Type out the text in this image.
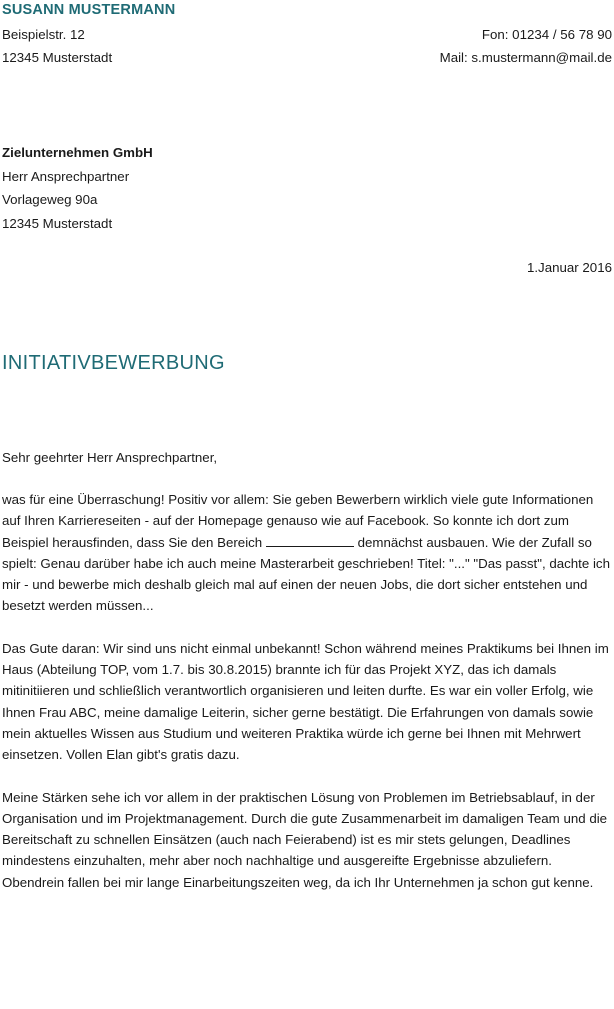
SUSANN MUSTERMANN
Beispielstr. 12	Fon: 01234 / 56 78 90
12345 Musterstadt	Mail: s.mustermann@mail.de
Zielunternehmen GmbH
Herr Ansprechpartner
Vorlageweg 90a
12345 Musterstadt
1.Januar 2016
INITIATIVBEWERBUNG
Sehr geehrter Herr Ansprechpartner,
was für eine Überraschung! Positiv vor allem: Sie geben Bewerbern wirklich viele gute Informationen auf Ihren Karriereseiten - auf der Homepage genauso wie auf Facebook. So konnte ich dort zum Beispiel herausfinden, dass Sie den Bereich	demnächst ausbauen. Wie der Zufall so spielt: Genau darüber habe ich auch meine Masterarbeit geschrieben! Titel: "..." "Das passt", dachte ich mir - und bewerbe mich deshalb gleich mal auf einen der neuen Jobs, die dort sicher entstehen und besetzt werden müssen...
Das Gute daran: Wir sind uns nicht einmal unbekannt! Schon während meines Praktikums bei Ihnen im Haus (Abteilung TOP, vom 1.7. bis 30.8.2015) brannte ich für das Projekt XYZ, das ich damals mitinitiieren und schließlich verantwortlich organisieren und leiten durfte. Es war ein voller Erfolg, wie Ihnen Frau ABC, meine damalige Leiterin, sicher gerne bestätigt. Die Erfahrungen von damals sowie mein aktuelles Wissen aus Studium und weiteren Praktika würde ich gerne bei Ihnen mit Mehrwert einsetzen. Vollen Elan gibt's gratis dazu.
Meine Stärken sehe ich vor allem in der praktischen Lösung von Problemen im Betriebsablauf, in der Organisation und im Projektmanagement. Durch die gute Zusammenarbeit im damaligen Team und die Bereitschaft zu schnellen Einsätzen (auch nach Feierabend) ist es mir stets gelungen, Deadlines mindestens einzuhalten, mehr aber noch nachhaltige und ausgereifte Ergebnisse abzuliefern. Obendrein fallen bei mir lange Einarbeitungszeiten weg, da ich Ihr Unternehmen ja schon gut kenne.
